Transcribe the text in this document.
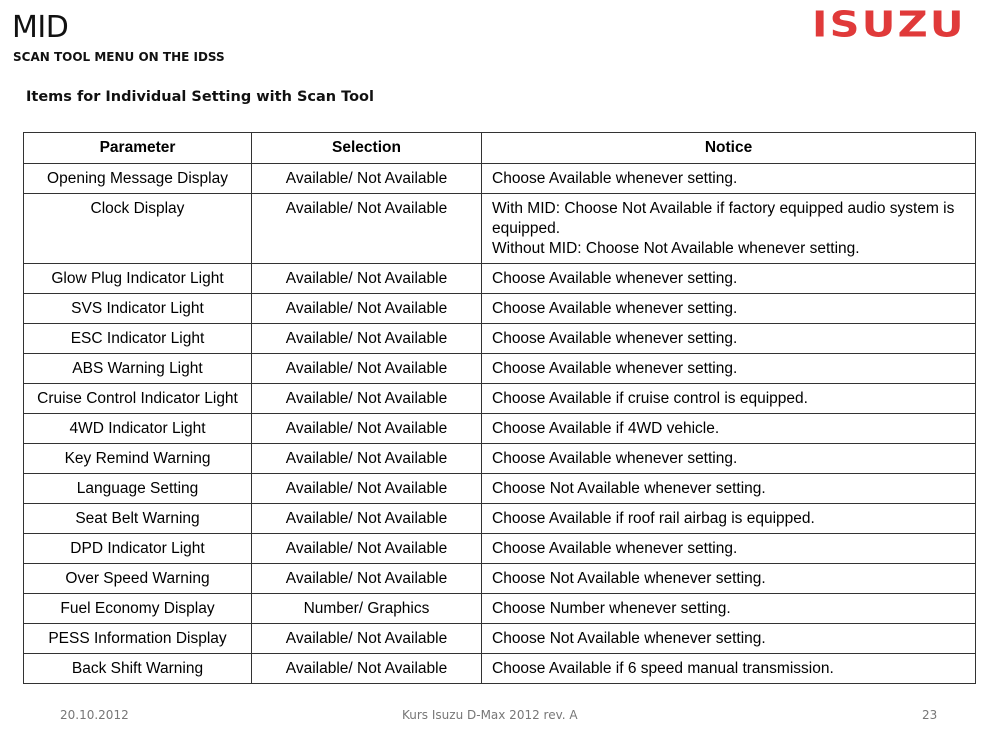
MID
SCAN TOOL MENU ON THE IDSS
Items for Individual Setting with Scan Tool
ISUZU
Parameter	Selection	Notice
Opening Message Display	Available/ Not Available	Choose Available whenever setting.
Clock Display	Available/ Not Available	With MID: Choose Not Available if factory equipped audio system is equipped.
Without MID: Choose Not Available whenever setting.
Glow Plug Indicator Light	Available/ Not Available	Choose Available whenever setting.
SVS Indicator Light	Available/ Not Available	Choose Available whenever setting.
ESC Indicator Light	Available/ Not Available	Choose Available whenever setting.
ABS Warning Light	Available/ Not Available	Choose Available whenever setting.
Cruise Control Indicator Light	Available/ Not Available	Choose Available if cruise control is equipped.
4WD Indicator Light	Available/ Not Available	Choose Available if 4WD vehicle.
Key Remind Warning	Available/ Not Available	Choose Available whenever setting.
Language Setting	Available/ Not Available	Choose Not Available whenever setting.
Seat Belt Warning	Available/ Not Available	Choose Available if roof rail airbag is equipped.
DPD Indicator Light	Available/ Not Available	Choose Available whenever setting.
Over Speed Warning	Available/ Not Available	Choose Not Available whenever setting.
Fuel Economy Display	Number/ Graphics	Choose Number whenever setting.
PESS Information Display	Available/ Not Available	Choose Not Available whenever setting.
Back Shift Warning	Available/ Not Available	Choose Available if 6 speed manual transmission.
20.10.2012	Kurs Isuzu D-Max 2012 rev. A	23
